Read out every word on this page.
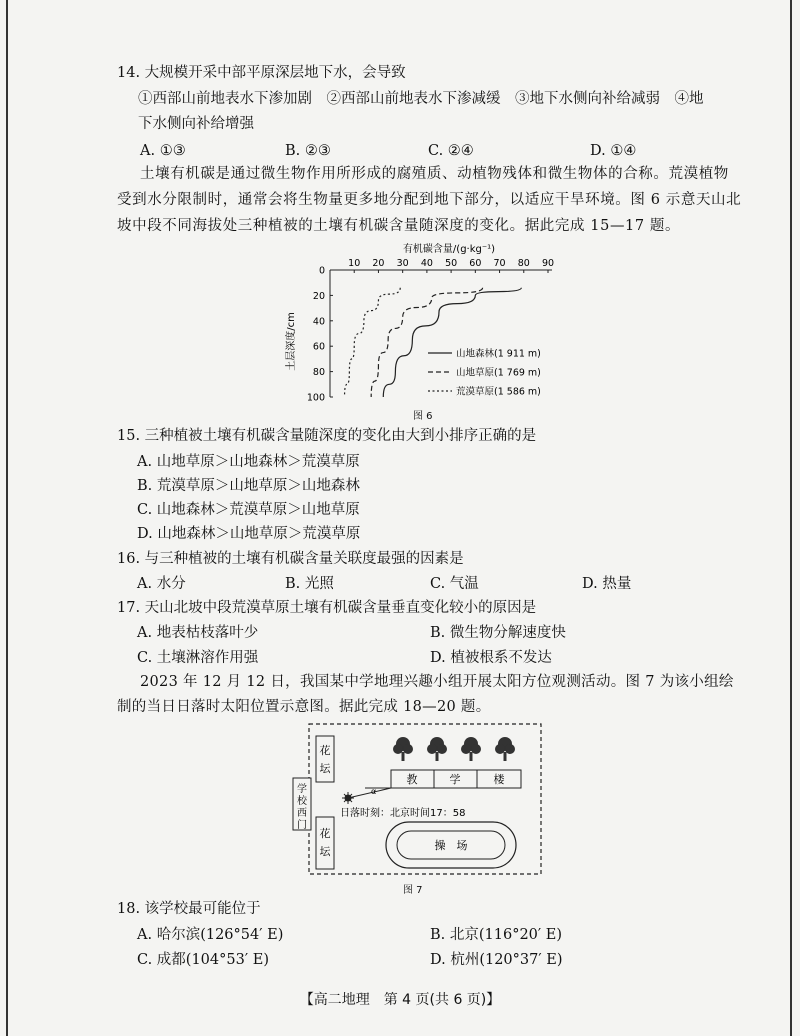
14. 大规模开采中部平原深层地下水，会导致
①西部山前地表水下渗加剧　②西部山前地表水下渗减缓　③地下水侧向补给减弱　④地
下水侧向补给增强
A. ①③	B. ②③	C. ②④	D. ①④
土壤有机碳是通过微生物作用所形成的腐殖质、动植物残体和微生物体的合称。荒漠植物
受到水分限制时，通常会将生物量更多地分配到地下部分，以适应干旱环境。图 6 示意天山北
坡中段不同海拔处三种植被的土壤有机碳含量随深度的变化。据此完成 15—17 题。
有机碳含量/(g·kg⁻¹)
10 20 30 40 50 60 70 80 90
0
20
40
60
80
100
土层深度/cm	山地森林(1 911 m)
山地草原(1 769 m)
荒漠草原(1 586 m)
图 6
15. 三种植被土壤有机碳含量随深度的变化由大到小排序正确的是
A. 山地草原＞山地森林＞荒漠草原
B. 荒漠草原＞山地草原＞山地森林
C. 山地森林＞荒漠草原＞山地草原
D. 山地森林＞山地草原＞荒漠草原
16. 与三种植被的土壤有机碳含量关联度最强的因素是
A. 水分	B. 光照	C. 气温	D. 热量
17. 天山北坡中段荒漠草原土壤有机碳含量垂直变化较小的原因是
A. 地表枯枝落叶少	B. 微生物分解速度快
C. 土壤淋溶作用强	D. 植被根系不发达
2023 年 12 月 12 日，我国某中学地理兴趣小组开展太阳方位观测活动。图 7 为该小组绘
制的当日日落时太阳位置示意图。据此完成 18—20 题。
花
坛
花
坛
学
校
西
门
教	学	楼
α
日落时刻：北京时间17：58
操　场
图 7
18. 该学校最可能位于
A. 哈尔滨(126°54′ E)	B. 北京(116°20′ E)
C. 成都(104°53′ E)	D. 杭州(120°37′ E)
【高二地理　第 4 页(共 6 页)】
